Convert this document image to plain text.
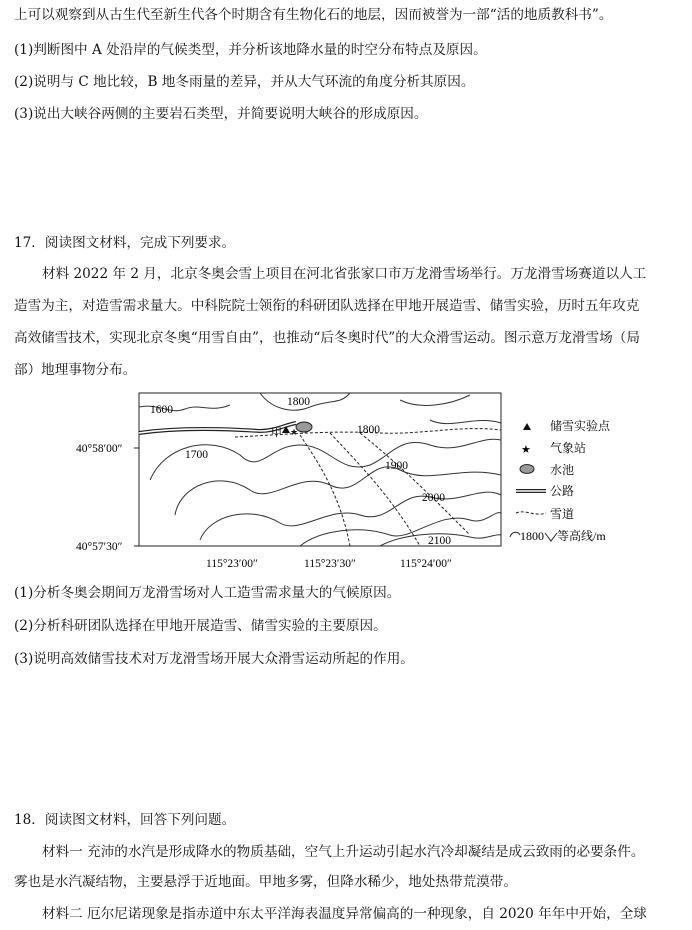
上可以观察到从古生代至新生代各个时期含有生物化石的地层，因而被誉为一部“活的地质教科书”。
(1)判断图中 A 处沿岸的气候类型，并分析该地降水量的时空分布特点及原因。
(2)说明与 C 地比较，B 地冬雨量的差异，并从大气环流的角度分析其原因。
(3)说出大峡谷两侧的主要岩石类型，并简要说明大峡谷的形成原因。
17．阅读图文材料，完成下列要求。
材料 2022 年 2 月，北京冬奥会雪上项目在河北省张家口市万龙滑雪场举行。万龙滑雪场赛道以人工
造雪为主，对造雪需求量大。中科院院士领衔的科研团队选择在甲地开展造雪、储雪实验，历时五年攻克
高效储雪技术，实现北京冬奥“用雪自由”，也推动“后冬奥时代”的大众滑雪运动。图示意万龙滑雪场（局
部）地理事物分布。
★
甲
1600
1800
1700
1800
1900
2000
2100
40°58′00″
40°57′30″
115°23′00″	115°23′30″	115°24′00″
储雪实验点
★ 气象站
水池
公路
雪道
1800 等高线/m
(1)分析冬奥会期间万龙滑雪场对人工造雪需求量大的气候原因。
(2)分析科研团队选择在甲地开展造雪、储雪实验的主要原因。
(3)说明高效储雪技术对万龙滑雪场开展大众滑雪运动所起的作用。
18．阅读图文材料，回答下列问题。
材料一 充沛的水汽是形成降水的物质基础，空气上升运动引起水汽冷却凝结是成云致雨的必要条件。
雾也是水汽凝结物，主要悬浮于近地面。甲地多雾，但降水稀少，地处热带荒漠带。
材料二 厄尔尼诺现象是指赤道中东太平洋海表温度异常偏高的一种现象，自 2020 年年中开始，全球
